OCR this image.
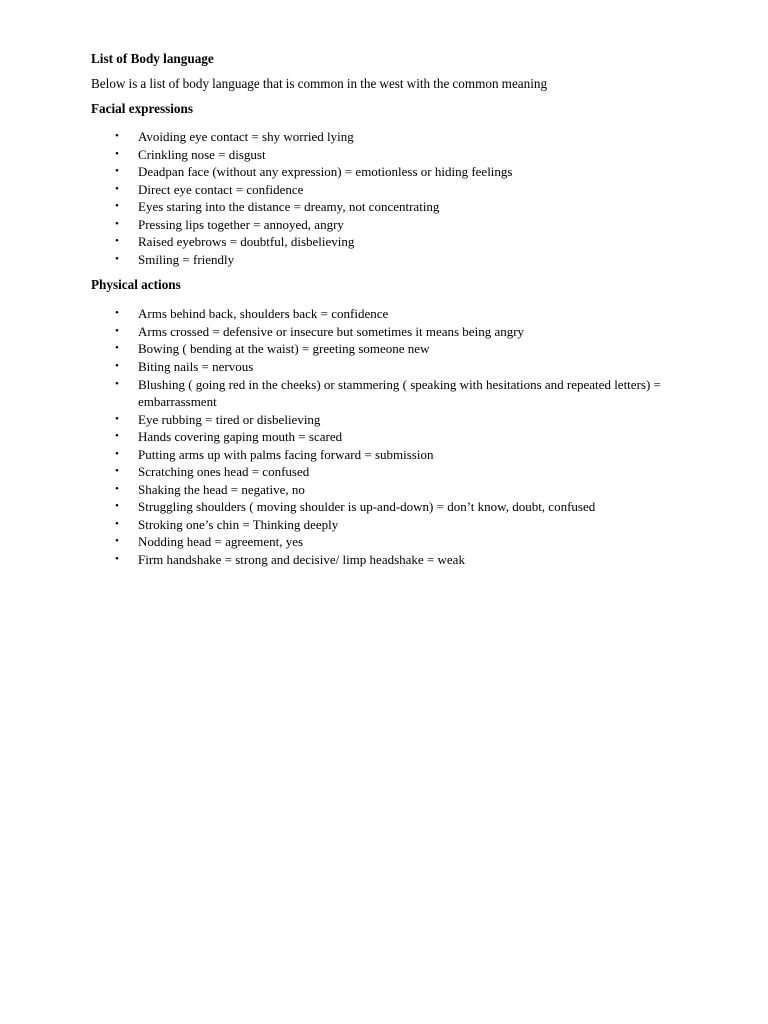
List of Body language

Below is a list of body language that is common in the west with the common meaning

Facial expressions

• Avoiding eye contact = shy worried lying
• Crinkling nose = disgust
• Deadpan face (without any expression) = emotionless or hiding feelings
• Direct eye contact = confidence
• Eyes staring into the distance = dreamy, not concentrating
• Pressing lips together = annoyed, angry
• Raised eyebrows = doubtful, disbelieving
• Smiling = friendly

Physical actions

• Arms behind back, shoulders back = confidence
• Arms crossed = defensive or insecure but sometimes it means being angry
• Bowing ( bending at the waist) = greeting someone new
• Biting nails = nervous
• Blushing ( going red in the cheeks) or stammering ( speaking with hesitations and repeated letters) = embarrassment
• Eye rubbing = tired or disbelieving
• Hands covering gaping mouth = scared
• Putting arms up with palms facing forward = submission
• Scratching ones head = confused
• Shaking the head = negative, no
• Struggling shoulders ( moving shoulder is up-and-down) = don’t know, doubt, confused
• Stroking one’s chin = Thinking deeply
• Nodding head = agreement, yes
• Firm handshake = strong and decisive/ limp headshake = weak
